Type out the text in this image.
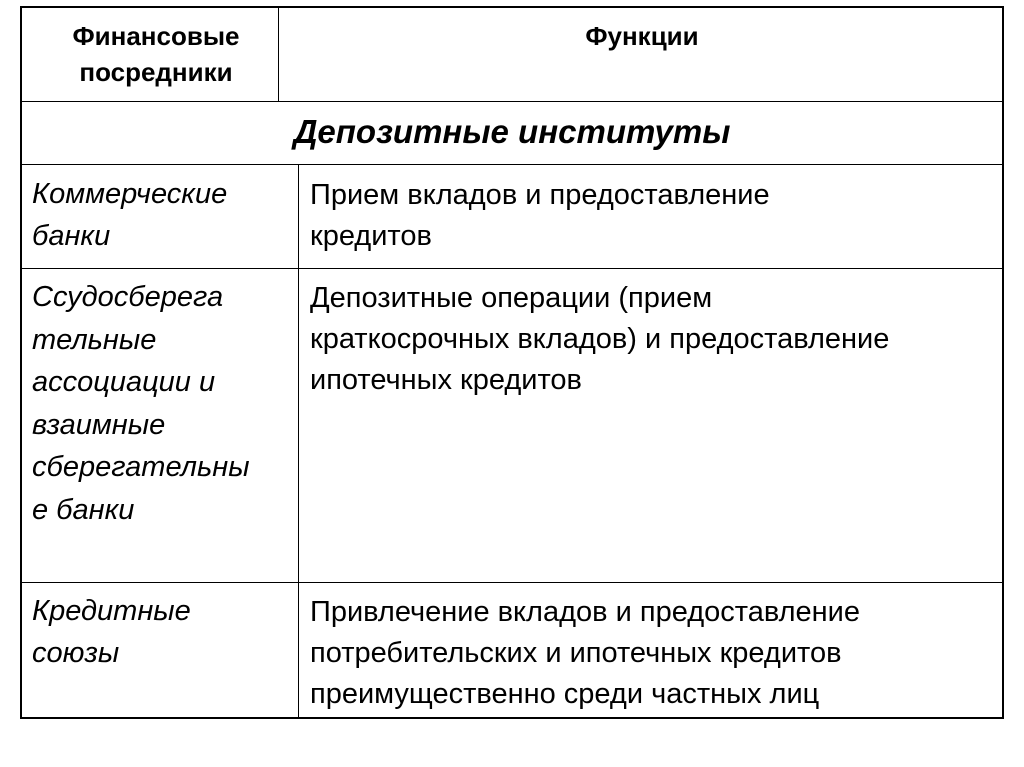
Финансовые посредники
Функции
Депозитные институты
Коммерческие
банки
Прием вкладов и предоставление
кредитов
Ссудосберега
тельные
ассоциации и
взаимные
сберегательны
е банки
Депозитные операции (прием
краткосрочных вкладов) и предоставление
ипотечных кредитов
Кредитные
союзы
Привлечение вкладов и предоставление
потребительских и ипотечных кредитов
преимущественно среди частных лиц
